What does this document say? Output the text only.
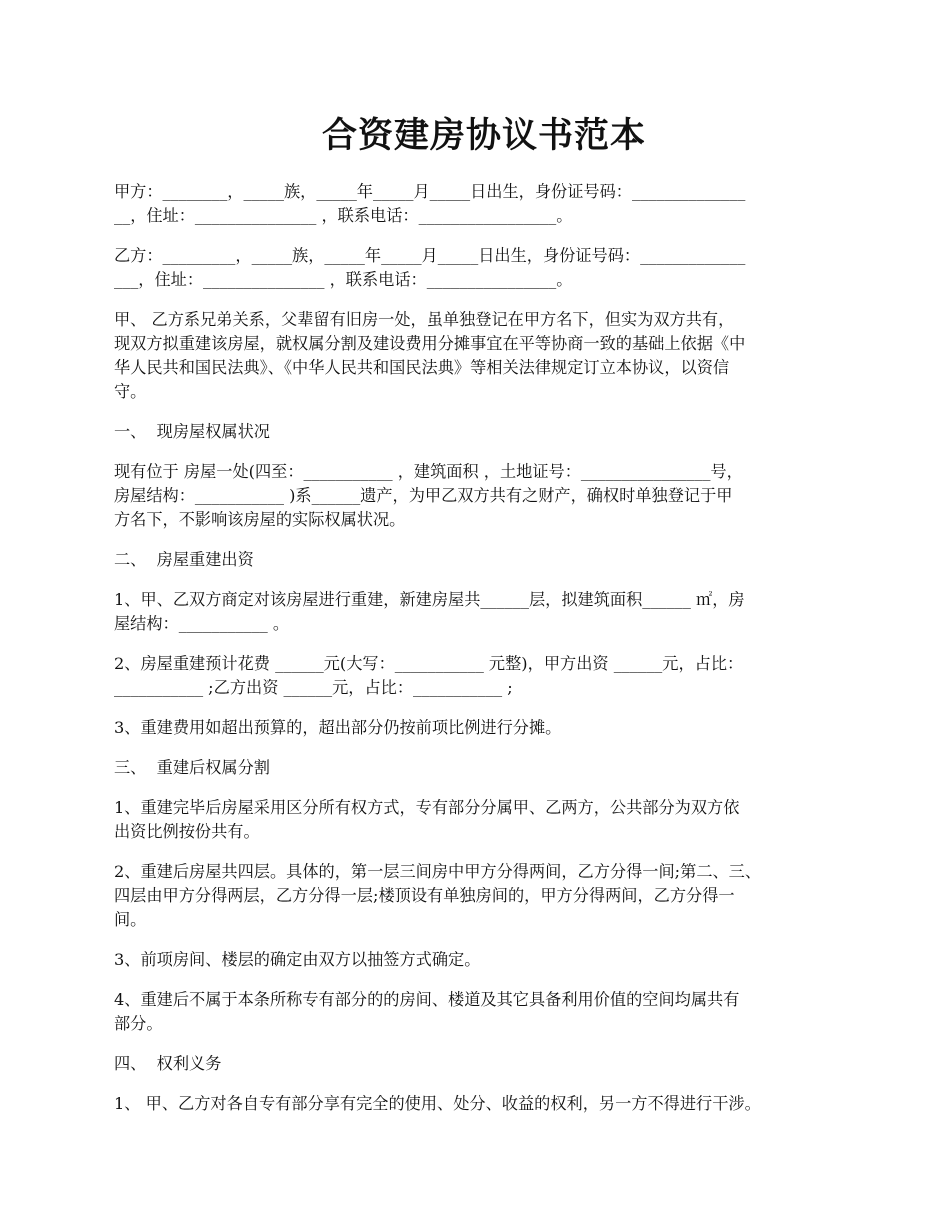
合资建房协议书范本

甲方：________，_____族，_____年_____月_____日出生，身份证号码：______________
__，住址：_______________ ，联系电话：_________________。

乙方：_________，_____族，_____年_____月_____日出生，身份证号码：_____________
___，住址：_______________ ，联系电话：________________。

甲、 乙方系兄弟关系，父辈留有旧房一处，虽单独登记在甲方名下，但实为双方共有，
现双方拟重建该房屋，就权属分割及建设费用分摊事宜在平等协商一致的基础上依据《中
华人民共和国民法典》、《中华人民共和国民法典》等相关法律规定订立本协议，以资信
守。

一、  现房屋权属状况

现有位于 房屋一处(四至：___________ ，建筑面积 ，土地证号：________________号，
房屋结构：___________ )系______遗产，为甲乙双方共有之财产，确权时单独登记于甲
方名下，不影响该房屋的实际权属状况。

二、  房屋重建出资

1、甲、乙双方商定对该房屋进行重建，新建房屋共______层，拟建筑面积______ ㎡，房
屋结构：___________ 。

2、房屋重建预计花费 ______元(大写：___________ 元整)，甲方出资 ______元，占比：
___________ ;乙方出资 ______元，占比：___________ ;

3、重建费用如超出预算的，超出部分仍按前项比例进行分摊。

三、  重建后权属分割

1、重建完毕后房屋采用区分所有权方式，专有部分分属甲、乙两方，公共部分为双方依
出资比例按份共有。

2、重建后房屋共四层。具体的，第一层三间房中甲方分得两间，乙方分得一间;第二、三、
四层由甲方分得两层，乙方分得一层;楼顶设有单独房间的，甲方分得两间，乙方分得一
间。

3、前项房间、楼层的确定由双方以抽签方式确定。

4、重建后不属于本条所称专有部分的的房间、楼道及其它具备利用价值的空间均属共有
部分。

四、  权利义务

1、 甲、乙方对各自专有部分享有完全的使用、处分、收益的权利，另一方不得进行干涉。
